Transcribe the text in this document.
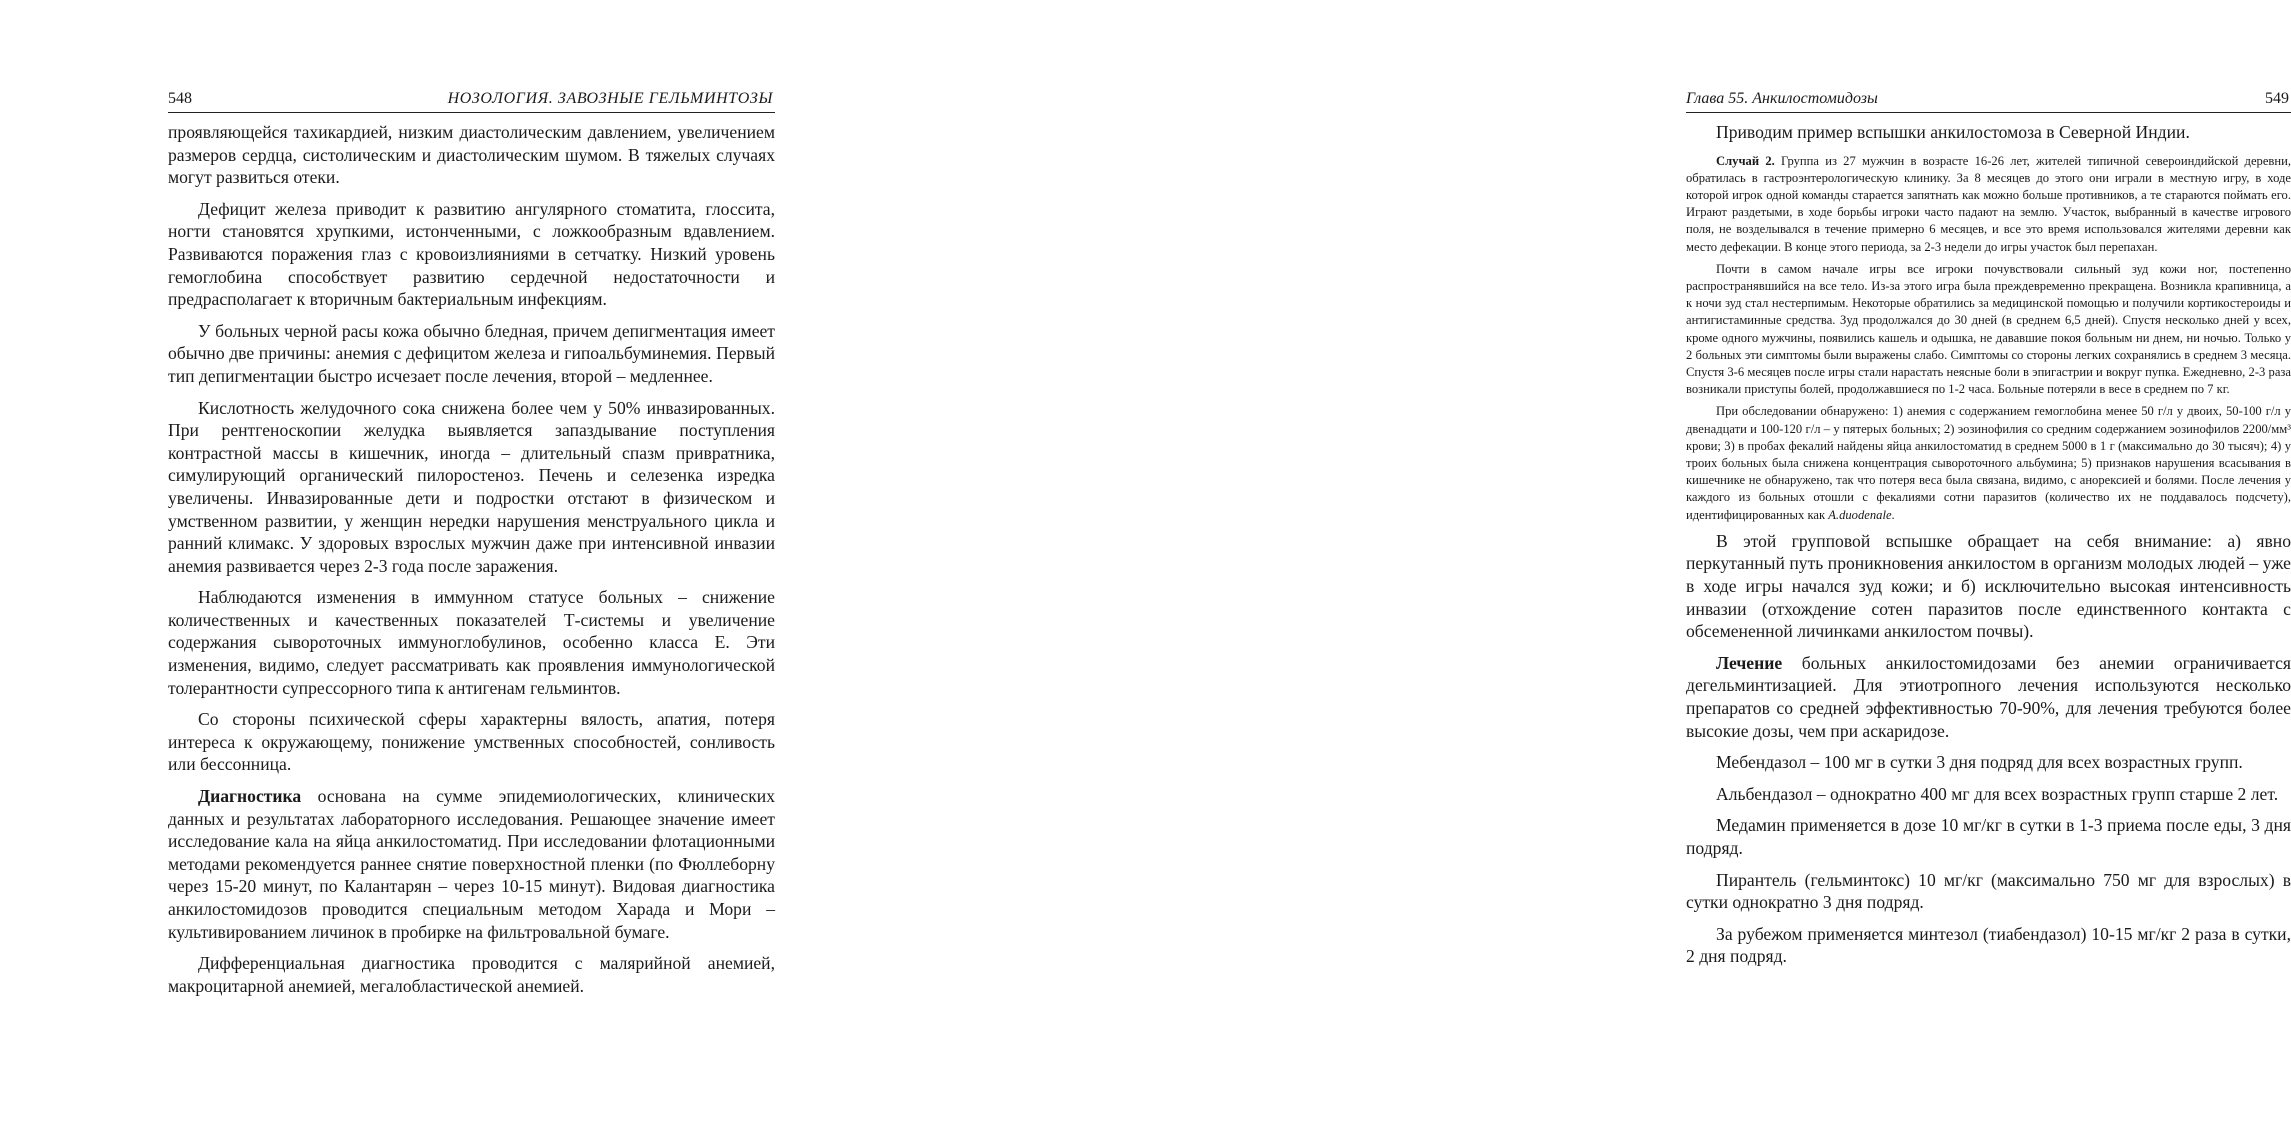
548	НОЗОЛОГИЯ. ЗАВОЗНЫЕ ГЕЛЬМИНТОЗЫ

проявляющейся тахикардией, низким диастолическим давлением, увеличением размеров сердца, систолическим и диастолическим шумом. В тяжелых случаях могут развиться отеки.

Дефицит железа приводит к развитию ангулярного стоматита, глоссита, ногти становятся хрупкими, истонченными, с ложкообразным вдавлением. Развиваются поражения глаз с кровоизлияниями в сетчатку. Низкий уровень гемоглобина способствует развитию сердечной недостаточности и предрасполагает к вторичным бактериальным инфекциям.

У больных черной расы кожа обычно бледная, причем депигментация имеет обычно две причины: анемия с дефицитом железа и гипоальбуминемия. Первый тип депигментации быстро исчезает после лечения, второй – медленнее.

Кислотность желудочного сока снижена более чем у 50% инвазированных. При рентгеноскопии желудка выявляется запаздывание поступления контрастной массы в кишечник, иногда – длительный спазм привратника, симулирующий органический пилоростеноз. Печень и селезенка изредка увеличены. Инвазированные дети и подростки отстают в физическом и умственном развитии, у женщин нередки нарушения менструального цикла и ранний климакс. У здоровых взрослых мужчин даже при интенсивной инвазии анемия развивается через 2-3 года после заражения.

Наблюдаются изменения в иммунном статусе больных – снижение количественных и качественных показателей Т-системы и увеличение содержания сывороточных иммуноглобулинов, особенно класса E. Эти изменения, видимо, следует рассматривать как проявления иммунологической толерантности супрессорного типа к антигенам гельминтов.

Со стороны психической сферы характерны вялость, апатия, потеря интереса к окружающему, понижение умственных способностей, сонливость или бессонница.

Диагностика основана на сумме эпидемиологических, клинических данных и результатах лабораторного исследования. Решающее значение имеет исследование кала на яйца анкилостоматид. При исследовании флотационными методами рекомендуется раннее снятие поверхностной пленки (по Фюллеборну через 15-20 минут, по Калантарян – через 10-15 минут). Видовая диагностика анкилостомидозов проводится специальным методом Харада и Мори – культивированием личинок в пробирке на фильтровальной бумаге.

Дифференциальная диагностика проводится с малярийной анемией, макроцитарной анемией, мегалобластической анемией.

Глава 55. Анкилостомидозы	549

Приводим пример вспышки анкилостомоза в Северной Индии.

Случай 2. Группа из 27 мужчин в возрасте 16-26 лет, жителей типичной североиндийской деревни, обратилась в гастроэнтерологическую клинику. За 8 месяцев до этого они играли в местную игру, в ходе которой игрок одной команды старается запятнать как можно больше противников, а те стараются поймать его. Играют раздетыми, в ходе борьбы игроки часто падают на землю. Участок, выбранный в качестве игрового поля, не возделывался в течение примерно 6 месяцев, и все это время использовался жителями деревни как место дефекации. В конце этого периода, за 2-3 недели до игры участок был перепахан.

Почти в самом начале игры все игроки почувствовали сильный зуд кожи ног, постепенно распространявшийся на все тело. Из-за этого игра была преждевременно прекращена. Возникла крапивница, а к ночи зуд стал нестерпимым. Некоторые обратились за медицинской помощью и получили кортикостероиды и антигистаминные средства. Зуд продолжался до 30 дней (в среднем 6,5 дней). Спустя несколько дней у всех, кроме одного мужчины, появились кашель и одышка, не дававшие покоя больным ни днем, ни ночью. Только у 2 больных эти симптомы были выражены слабо. Симптомы со стороны легких сохранялись в среднем 3 месяца. Спустя 3-6 месяцев после игры стали нарастать неясные боли в эпигастрии и вокруг пупка. Ежедневно, 2-3 раза возникали приступы болей, продолжавшиеся по 1-2 часа. Больные потеряли в весе в среднем по 7 кг.

При обследовании обнаружено: 1) анемия с содержанием гемоглобина менее 50 г/л у двоих, 50-100 г/л у двенадцати и 100-120 г/л – у пятерых больных; 2) эозинофилия со средним содержанием эозинофилов 2200/мм³ крови; 3) в пробах фекалий найдены яйца анкилостоматид в среднем 5000 в 1 г (максимально до 30 тысяч); 4) у троих больных была снижена концентрация сывороточного альбумина; 5) признаков нарушения всасывания в кишечнике не обнаружено, так что потеря веса была связана, видимо, с анорексией и болями. После лечения у каждого из больных отошли с фекалиями сотни паразитов (количество их не поддавалось подсчету), идентифицированных как A.duodenale.

В этой групповой вспышке обращает на себя внимание: а) явно перкутанный путь проникновения анкилостом в организм молодых людей – уже в ходе игры начался зуд кожи; и б) исключительно высокая интенсивность инвазии (отхождение сотен паразитов после единственного контакта с обсемененной личинками анкилостом почвы).

Лечение больных анкилостомидозами без анемии ограничивается дегельминтизацией. Для этиотропного лечения используются несколько препаратов со средней эффективностью 70-90%, для лечения требуются более высокие дозы, чем при аскаридозе.

Мебендазол – 100 мг в сутки 3 дня подряд для всех возрастных групп.

Альбендазол – однократно 400 мг для всех возрастных групп старше 2 лет.

Медамин применяется в дозе 10 мг/кг в сутки в 1-3 приема после еды, 3 дня подряд.

Пирантель (гельминтокс) 10 мг/кг (максимально 750 мг для взрослых) в сутки однократно 3 дня подряд.

За рубежом применяется минтезол (тиабендазол) 10-15 мг/кг 2 раза в сутки, 2 дня подряд.
